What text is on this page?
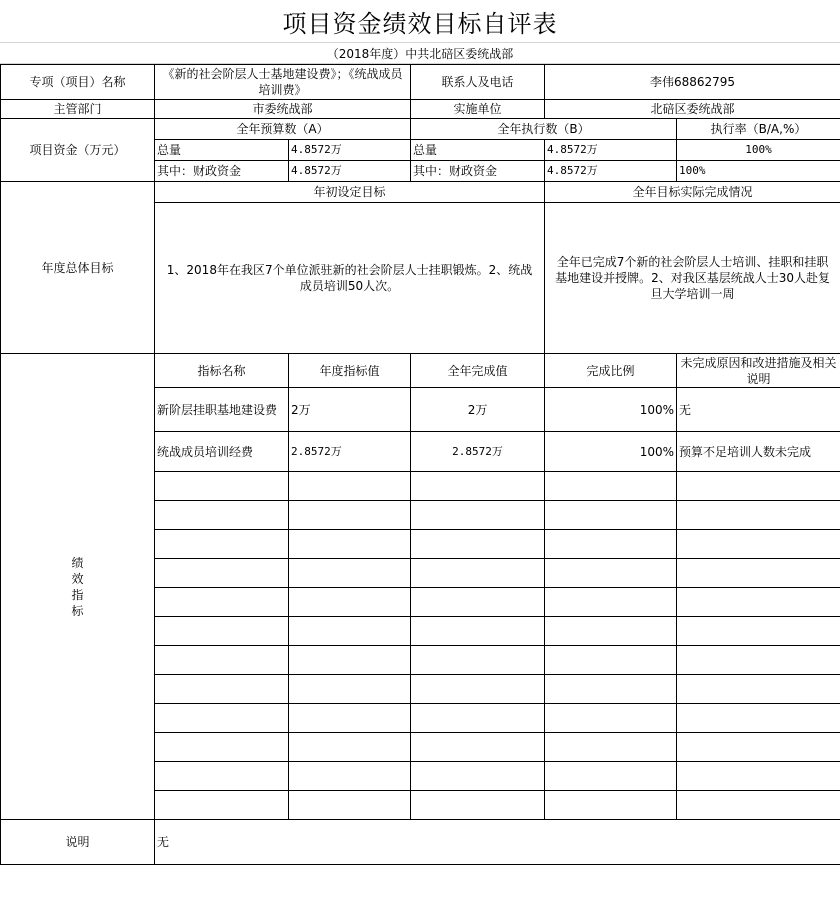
项目资金绩效目标自评表
（2018年度）中共北碚区委统战部
专项（项目）名称	《新的社会阶层人士基地建设费》；《统战成员培训费》		联系人及电话	李伟68862795	
主管部门	市委统战部		实施单位	北碚区委统战部	
项目资金（万元）	全年预算数（A）		全年执行数（B）		执行率（B/A,%）
	总量	4.8572万	总量	4.8572万	100%
	其中：财政资金	4.8572万	其中：财政资金	4.8572万	100%
年度总体目标	年初设定目标			全年目标实际完成情况	
	1、2018年在我区7个单位派驻新的社会阶层人士挂职锻炼。2、统战成员培训50人次。			全年已完成7个新的社会阶层人士培训、挂职和挂职基地建设并授牌。2、对我区基层统战人士30人赴复旦大学培训一周	

绩
效
指
标	指标名称	年度指标值	全年完成值	完成比例	未完成原因和改进措施及相关说明
	新阶层挂职基地建设费	2万	2万	100%	无
	统战成员培训经费	2.8572万	2.8572万	100%	预算不足培训人数未完成

说明	无				
